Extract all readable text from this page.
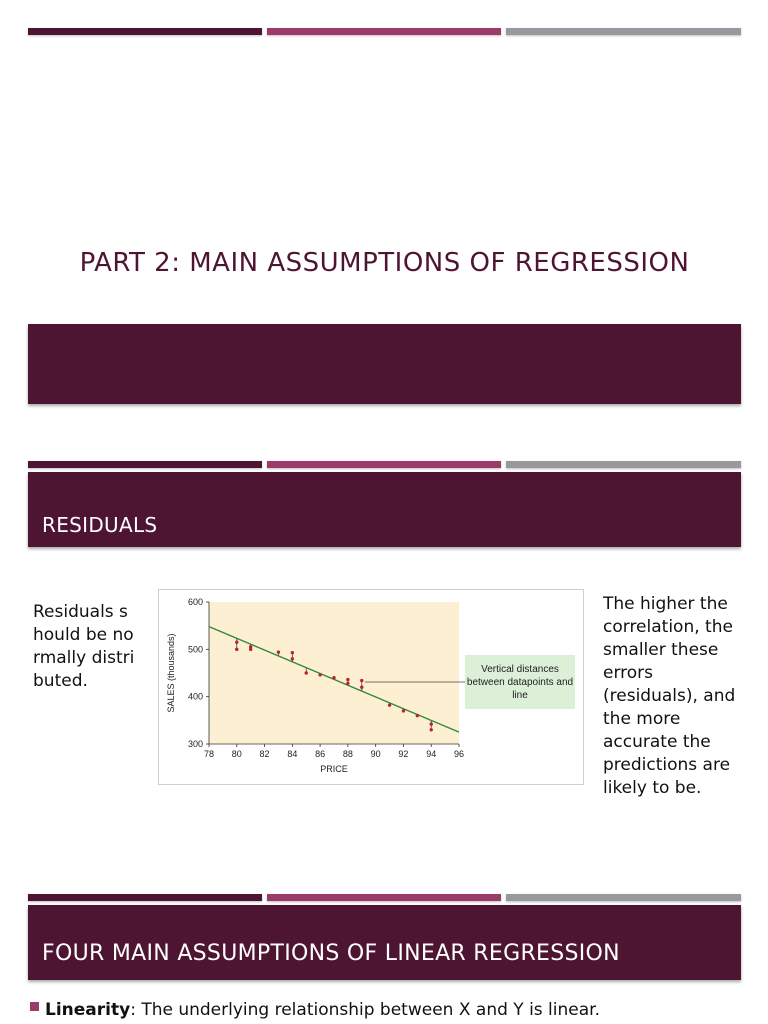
PART 2: MAIN ASSUMPTIONS OF REGRESSION
RESIDUALS
Residuals should be normally distributed.
78 80 82 84 86 88 90 92 94 96
300
400
500
600
PRICE
SALES (thousands)	Vertical distances between datapoints and line
The higher the correlation, the smaller these errors (residuals), and the more accurate the predictions are likely to be.
FOUR MAIN ASSUMPTIONS OF LINEAR REGRESSION
Linearity: The underlying relationship between X and Y is linear.
